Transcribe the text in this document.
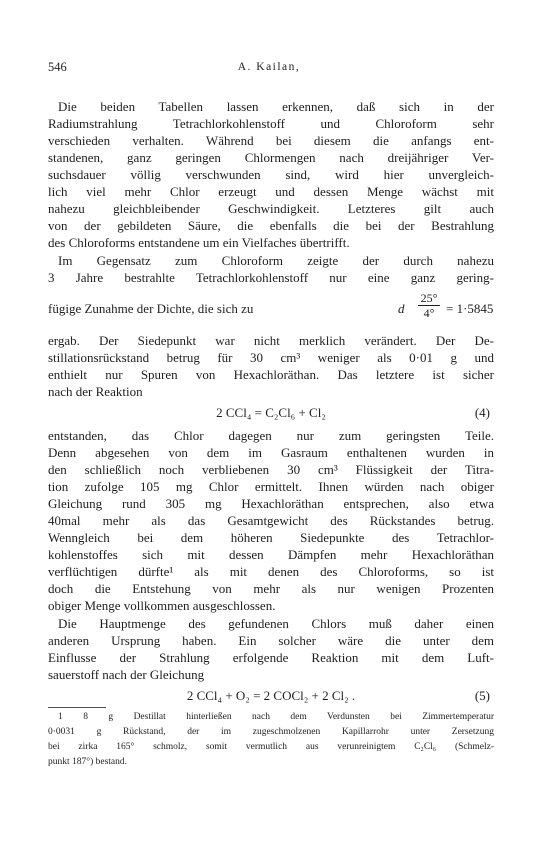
546	A. Kailan,
Die beiden Tabellen lassen erkennen, daß sich in der
Radiumstrahlung Tetrachlorkohlenstoff und Chloroform sehr
verschieden verhalten. Während bei diesem die anfangs ent-
standenen, ganz geringen Chlormengen nach dreijähriger Ver-
suchsdauer völlig verschwunden sind, wird hier unvergleich-
lich viel mehr Chlor erzeugt und dessen Menge wächst mit
nahezu gleichbleibender Geschwindigkeit. Letzteres gilt auch
von der gebildeten Säure, die ebenfalls die bei der Bestrahlung
des Chloroforms entstandene um ein Vielfaches übertrifft.
Im Gegensatz zum Chloroform zeigte der durch nahezu
3 Jahre bestrahlte Tetrachlorkohlenstoff nur eine ganz gering-
fügige Zunahme der Dichte, die sich zu	d $\frac{25^\circ}{4^\circ} = 1\cdot 5845$
ergab. Der Siedepunkt war nicht merklich verändert. Der De-
stillationsrückstand betrug für 30 cm³ weniger als 0·01 g und
enthielt nur Spuren von Hexachloräthan. Das letztere ist sicher
nach der Reaktion
2 CCl₄ = C₂Cl₆ + Cl₂	(4)
entstanden, das Chlor dagegen nur zum geringsten Teile.
Denn abgesehen von dem im Gasraum enthaltenen wurden in
den schließlich noch verbliebenen 30 cm³ Flüssigkeit der Titra-
tion zufolge 105 mg Chlor ermittelt. Ihnen würden nach obiger
Gleichung rund 305 mg Hexachloräthan entsprechen, also etwa
40mal mehr als das Gesamtgewicht des Rückstandes betrug.
Wenngleich bei dem höheren Siedepunkte des Tetrachlor-
kohlenstoffes sich mit dessen Dämpfen mehr Hexachloräthan
verflüchtigen dürfte¹ als mit denen des Chloroforms, so ist
doch die Entstehung von mehr als nur wenigen Prozenten
obiger Menge vollkommen ausgeschlossen.
Die Hauptmenge des gefundenen Chlors muß daher einen
anderen Ursprung haben. Ein solcher wäre die unter dem
Einflusse der Strahlung erfolgende Reaktion mit dem Luft-
sauerstoff nach der Gleichung
2 CCl₄ + O₂ = 2 COCl₂ + 2 Cl₂ .	(5)
1 8 g Destillat hinterließen nach dem Verdunsten bei Zimmertemperatur
0·0031 g Rückstand, der im zugeschmolzenen Kapillarrohr unter Zersetzung
bei zirka 165° schmolz, somit vermutlich aus verunreinigtem C₂Cl₆ (Schmelz-
punkt 187°) bestand.
